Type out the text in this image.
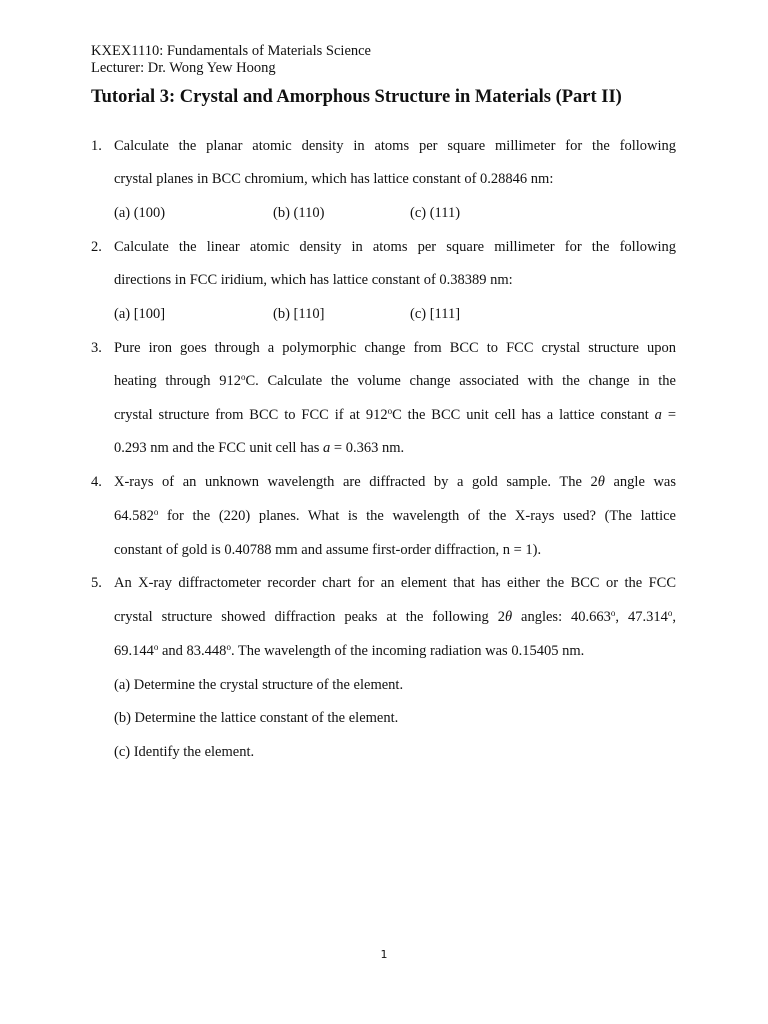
KXEX1110: Fundamentals of Materials Science
Lecturer: Dr. Wong Yew Hoong
Tutorial 3: Crystal and Amorphous Structure in Materials (Part II)
1. Calculate the planar atomic density in atoms per square millimeter for the following
crystal planes in BCC chromium, which has lattice constant of 0.28846 nm:
(a) (100)	(b) (110)	(c) (111)
2. Calculate the linear atomic density in atoms per square millimeter for the following
directions in FCC iridium, which has lattice constant of 0.38389 nm:
(a) [100]	(b) [110]	(c) [111]
3. Pure iron goes through a polymorphic change from BCC to FCC crystal structure upon
heating through 912$^o$C. Calculate the volume change associated with the change in the
crystal structure from BCC to FCC if at 912$^o$C the BCC unit cell has a lattice constant a =
0.293 nm and the FCC unit cell has a = 0.363 nm.
4. X-rays of an unknown wavelength are diffracted by a gold sample. The 2θ angle was
64.582$^o$ for the (220) planes. What is the wavelength of the X-rays used? (The lattice
constant of gold is 0.40788 mm and assume first-order diffraction, n = 1).
5. An X-ray diffractometer recorder chart for an element that has either the BCC or the FCC
crystal structure showed diffraction peaks at the following 2θ angles: 40.663$^o$, 47.314$^o$,
69.144$^o$ and 83.448$^o$. The wavelength of the incoming radiation was 0.15405 nm.
(a) Determine the crystal structure of the element.
(b) Determine the lattice constant of the element.
(c) Identify the element.
1
